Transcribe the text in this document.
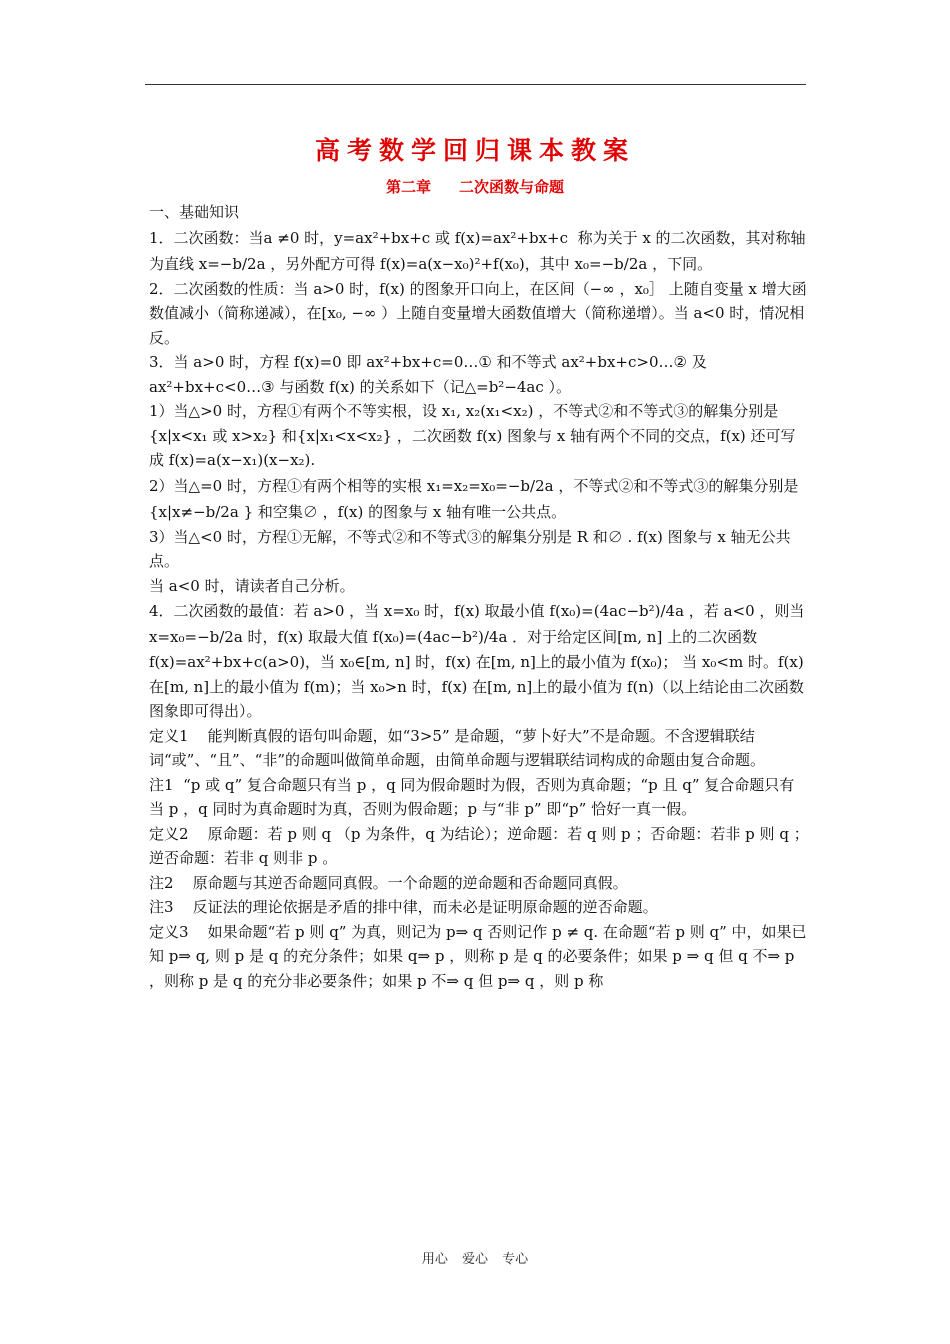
高考数学回归课本教案
第二章 二次函数与命题

一、基础知识

1．二次函数：当a ≠0 时，y=ax²+bx+c 或 f(x)=ax²+bx+c  称为关于 x 的二次函数，其对称轴为直线 x=−b/2a ，另外配方可得 f(x)=a(x−x₀)²+f(x₀)，其中 x₀=−b/2a ，下同。

2．二次函数的性质：当 a>0 时，f(x) 的图象开口向上，在区间（−∞ ，x₀］ 上随自变量 x 增大函数值减小（简称递减），在[x₀, −∞ ）上随自变量增大函数值增大（简称递增）。当 a<0 时，情况相反。

3．当 a>0 时，方程 f(x)=0 即 ax²+bx+c=0…① 和不等式 ax²+bx+c>0…② 及 ax²+bx+c<0…③ 与函数 f(x) 的关系如下（记△=b²−4ac ）。

1）当△>0 时，方程①有两个不等实根，设 x₁, x₂(x₁<x₂) ，不等式②和不等式③的解集分别是{x|x<x₁ 或 x>x₂} 和{x|x₁<x<x₂} ，二次函数 f(x) 图象与 x 轴有两个不同的交点，f(x) 还可写成 f(x)=a(x−x₁)(x−x₂).

2）当△=0 时，方程①有两个相等的实根 x₁=x₂=x₀=−b/2a ，不等式②和不等式③的解集分别是{x|x≠−b/2a } 和空集∅ ，f(x) 的图象与 x 轴有唯一公共点。

3）当△<0 时，方程①无解，不等式②和不等式③的解集分别是 R 和∅ . f(x) 图象与 x 轴无公共点。

当 a<0 时，请读者自己分析。

4．二次函数的最值：若 a>0 ，当 x=x₀ 时，f(x) 取最小值 f(x₀)=(4ac−b²)/4a ，若 a<0 ，则当 x=x₀=−b/2a 时，f(x) 取最大值 f(x₀)=(4ac−b²)/4a ．对于给定区间[m, n] 上的二次函数

f(x)=ax²+bx+c(a>0)，当 x₀∈[m, n] 时，f(x) 在[m, n]上的最小值为 f(x₀)； 当 x₀<m 时。f(x) 在[m, n]上的最小值为 f(m)；当 x₀>n 时，f(x) 在[m, n]上的最小值为 f(n)（以上结论由二次函数图象即可得出）。

定义1    能判断真假的语句叫命题，如“3>5” 是命题，“萝卜好大”不是命题。不含逻辑联结词“或”、“且”、“非”的命题叫做简单命题，由简单命题与逻辑联结词构成的命题由复合命题。

注1  “p 或 q” 复合命题只有当 p ，q 同为假命题时为假，否则为真命题；“p 且 q” 复合命题只有当 p ，q 同时为真命题时为真，否则为假命题；p 与“非 p” 即“p” 恰好一真一假。

定义2    原命题：若 p 则 q （p 为条件，q 为结论）；逆命题：若 q 则 p ；否命题：若非 p 则 q ；逆否命题：若非 q 则非 p 。

注2    原命题与其逆否命题同真假。一个命题的逆命题和否命题同真假。

注3    反证法的理论依据是矛盾的排中律，而未必是证明原命题的逆否命题。

定义3    如果命题“若 p 则 q” 为真，则记为 p⇒ q 否则记作 p ≠ q. 在命题“若 p 则 q” 中，如果已知 p⇒ q, 则 p 是 q 的充分条件；如果 q⇒ p ，则称 p 是 q 的必要条件；如果 p ⇒ q 但 q 不⇒ p ，则称 p 是 q 的充分非必要条件；如果 p 不⇒ q 但 p⇒ q ，则 p 称

用心 爱心 专心
